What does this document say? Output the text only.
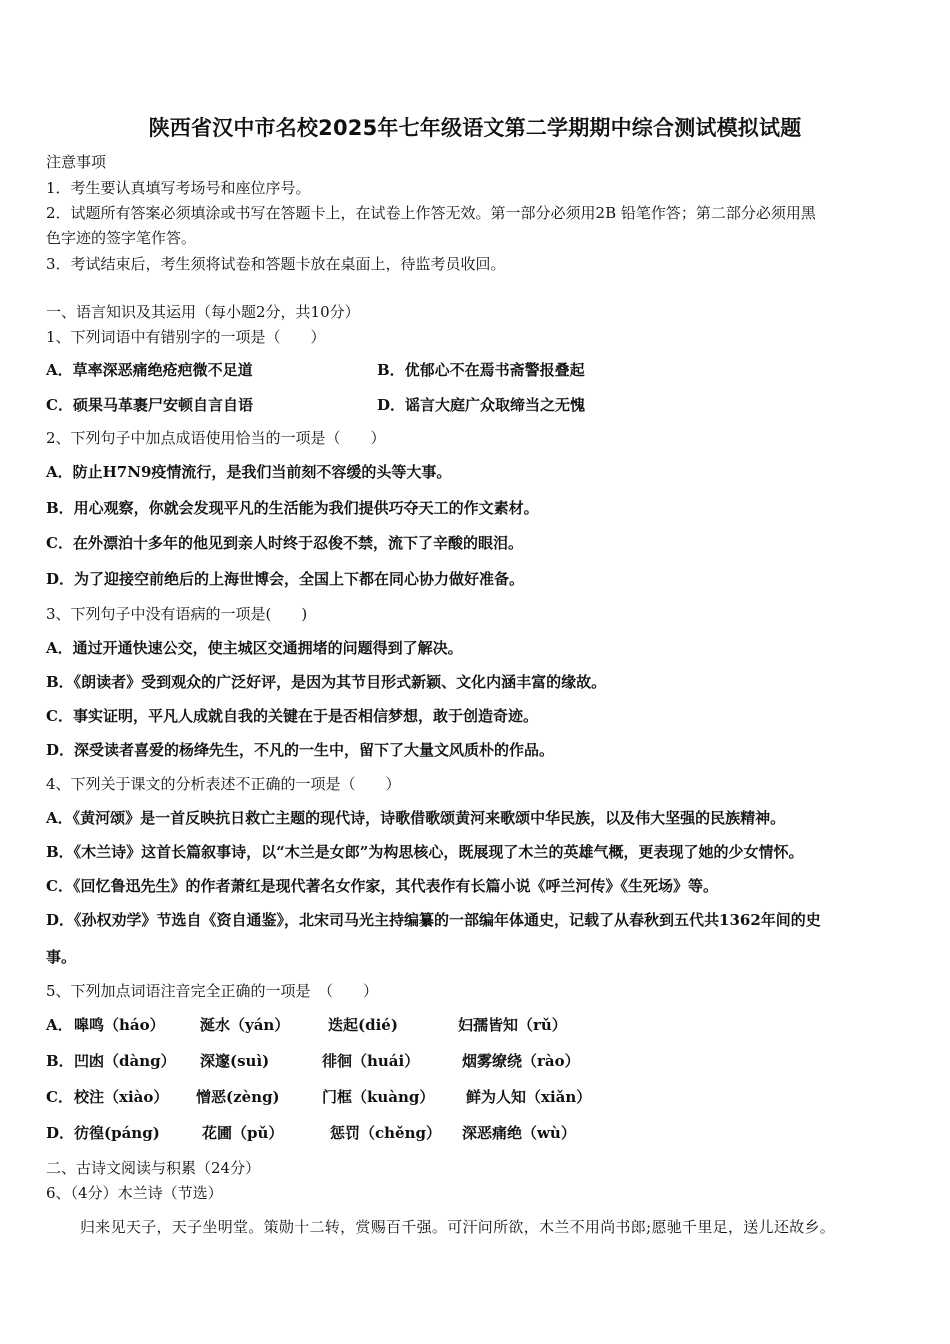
陕西省汉中市名校2025年七年级语文第二学期期中综合测试模拟试题
注意事项
1．考生要认真填写考场号和座位序号。
2．试题所有答案必须填涂或书写在答题卡上，在试卷上作答无效。第一部分必须用2B 铅笔作答；第二部分必须用黑
色字迹的签字笔作答。
3．考试结束后，考生须将试卷和答题卡放在桌面上，待监考员收回。
一、语言知识及其运用（每小题2分，共10分）
1、下列词语中有错别字的一项是（　　）
A．草率深恶痛绝疮疤微不足道	B．优郁心不在焉书斋警报叠起
C．硕果马革裹尸安顿自言自语	D．谣言大庭广众取缔当之无愧
2、下列句子中加点成语使用恰当的一项是（　　）
A．防止H7N9疫情流行，是我们当前刻不容缓的头等大事。
B．用心观察，你就会发现平凡的生活能为我们提供巧夺天工的作文素材。
C．在外漂泊十多年的他见到亲人时终于忍俊不禁，流下了辛酸的眼泪。
D．为了迎接空前绝后的上海世博会，全国上下都在同心协力做好准备。
3、下列句子中没有语病的一项是(　　)
A．通过开通快速公交，使主城区交通拥堵的问题得到了解决。
B．《朗读者》受到观众的广泛好评，是因为其节目形式新颖、文化内涵丰富的缘故。
C．事实证明，平凡人成就自我的关键在于是否相信梦想，敢于创造奇迹。
D．深受读者喜爱的杨绛先生，不凡的一生中，留下了大量文风质朴的作品。
4、下列关于课文的分析表述不正确的一项是（　　）
A．《黄河颂》是一首反映抗日救亡主题的现代诗，诗歌借歌颂黄河来歌颂中华民族，以及伟大坚强的民族精神。
B．《木兰诗》这首长篇叙事诗，以“木兰是女郎”为构思核心，既展现了木兰的英雄气概，更表现了她的少女情怀。
C．《回忆鲁迅先生》的作者萧红是现代著名女作家，其代表作有长篇小说《呼兰河传》《生死场》等。
D．《孙权劝学》节选自《资自通鉴》，北宋司马光主持编纂的一部编年体通史，记载了从春秋到五代共1362年间的史
事。
5、下列加点词语注音完全正确的一项是　（　　）
A． 嗥鸣（háo） 涎水（yán）	迭起(dié)	妇孺皆知（rǔ）
B． 凹凼（dàng） 深邃(suì)	徘徊（huái）	烟雾缭绕（rào）
C． 校注（xiào） 憎恶(zèng)	门框（kuàng） 鲜为人知（xiǎn）
D． 彷徨(páng)	花圃（pǔ）	惩罚（chěng） 深恶痛绝（wù）
二、古诗文阅读与积累（24分）
6、（4分）木兰诗（节选）
归来见天子，天子坐明堂。策勋十二转，赏赐百千强。可汗问所欲，木兰不用尚书郎;愿驰千里足，送儿还故乡。
